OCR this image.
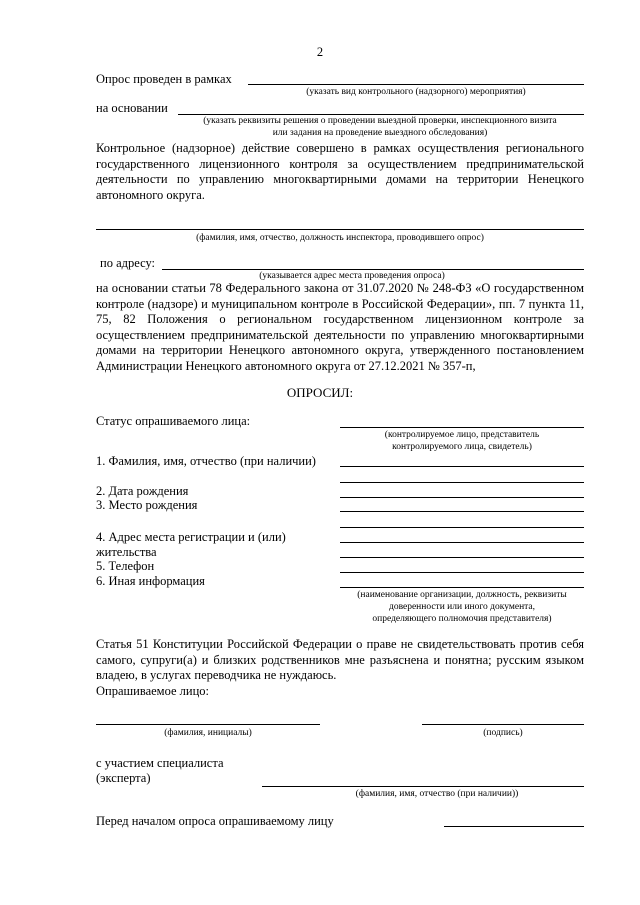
2
Опрос проведен в рамках
(указать вид контрольного (надзорного) мероприятия)
на основании
(указать реквизиты решения о проведении выездной проверки, инспекционного визита
или задания на проведение выездного обследования)
Контрольное (надзорное) действие совершено в рамках осуществления регионального государственного лицензионного контроля за осуществлением предпринимательской деятельности по управлению многоквартирными домами на территории Ненецкого автономного округа.
(фамилия, имя, отчество, должность инспектора, проводившего опрос)
по адресу:
(указывается адрес места проведения опроса)
на основании статьи 78 Федерального закона от 31.07.2020 № 248-ФЗ «О государственном контроле (надзоре) и муниципальном контроле в Российской Федерации», пп. 7 пункта 11, 75, 82 Положения о региональном государственном лицензионном контроле за осуществлением предпринимательской деятельности по управлению многоквартирными домами на территории Ненецкого автономного округа, утвержденного постановлением Администрации Ненецкого автономного округа от 27.12.2021 № 357-п,
ОПРОСИЛ:
Статус опрашиваемого лица:
(контролируемое лицо, представитель
контролируемого лица, свидетель)
1. Фамилия, имя, отчество (при наличии)
2. Дата рождения
3. Место рождения
4. Адрес места регистрации и (или)
жительства
5. Телефон
6. Иная информация
(наименование организации, должность, реквизиты
доверенности или иного документа,
определяющего полномочия представителя)
Статья 51 Конституции Российской Федерации о праве не свидетельствовать против себя самого, супруги(а) и близких родственников мне разъяснена и понятна; русским языком владею, в услугах переводчика не нуждаюсь.
Опрашиваемое лицо:
(фамилия, инициалы)	(подпись)
с участием специалиста
(эксперта)
(фамилия, имя, отчество (при наличии))
Перед началом опроса опрашиваемому лицу
